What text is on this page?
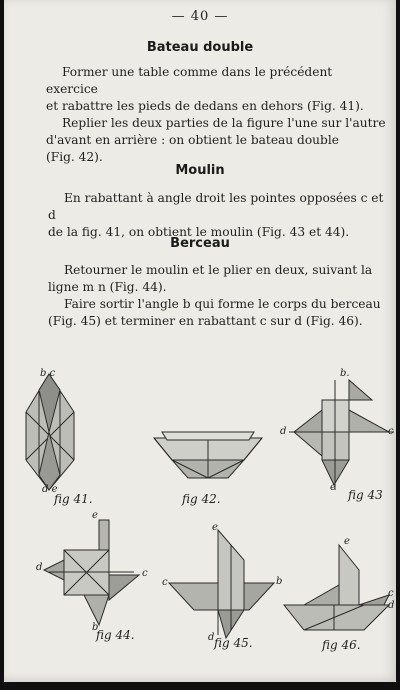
— 40 —
Bateau double
Former une table comme dans le précédent exercice
et rabattre les pieds de dedans en dehors (Fig. 41).
Replier les deux parties de la figure l'une sur l'autre
d'avant en arrière : on obtient le bateau double
(Fig. 42).
Moulin
En rabattant à angle droit les pointes opposées c et d
de la fig. 41, on obtient le moulin (Fig. 43 et 44).
Berceau
Retourner le moulin et le plier en deux, suivant la
ligne m n (Fig. 44).
Faire sortir l'angle b qui forme le corps du berceau
(Fig. 45) et terminer en rabattant c sur d (Fig. 46).
b c
d e
b.
d	c
e
e
d
c
b
e
c	b
d
e
c
d
fig 41.	fig 42.	fig 43
fig 44.
fig 45.	fig 46.
